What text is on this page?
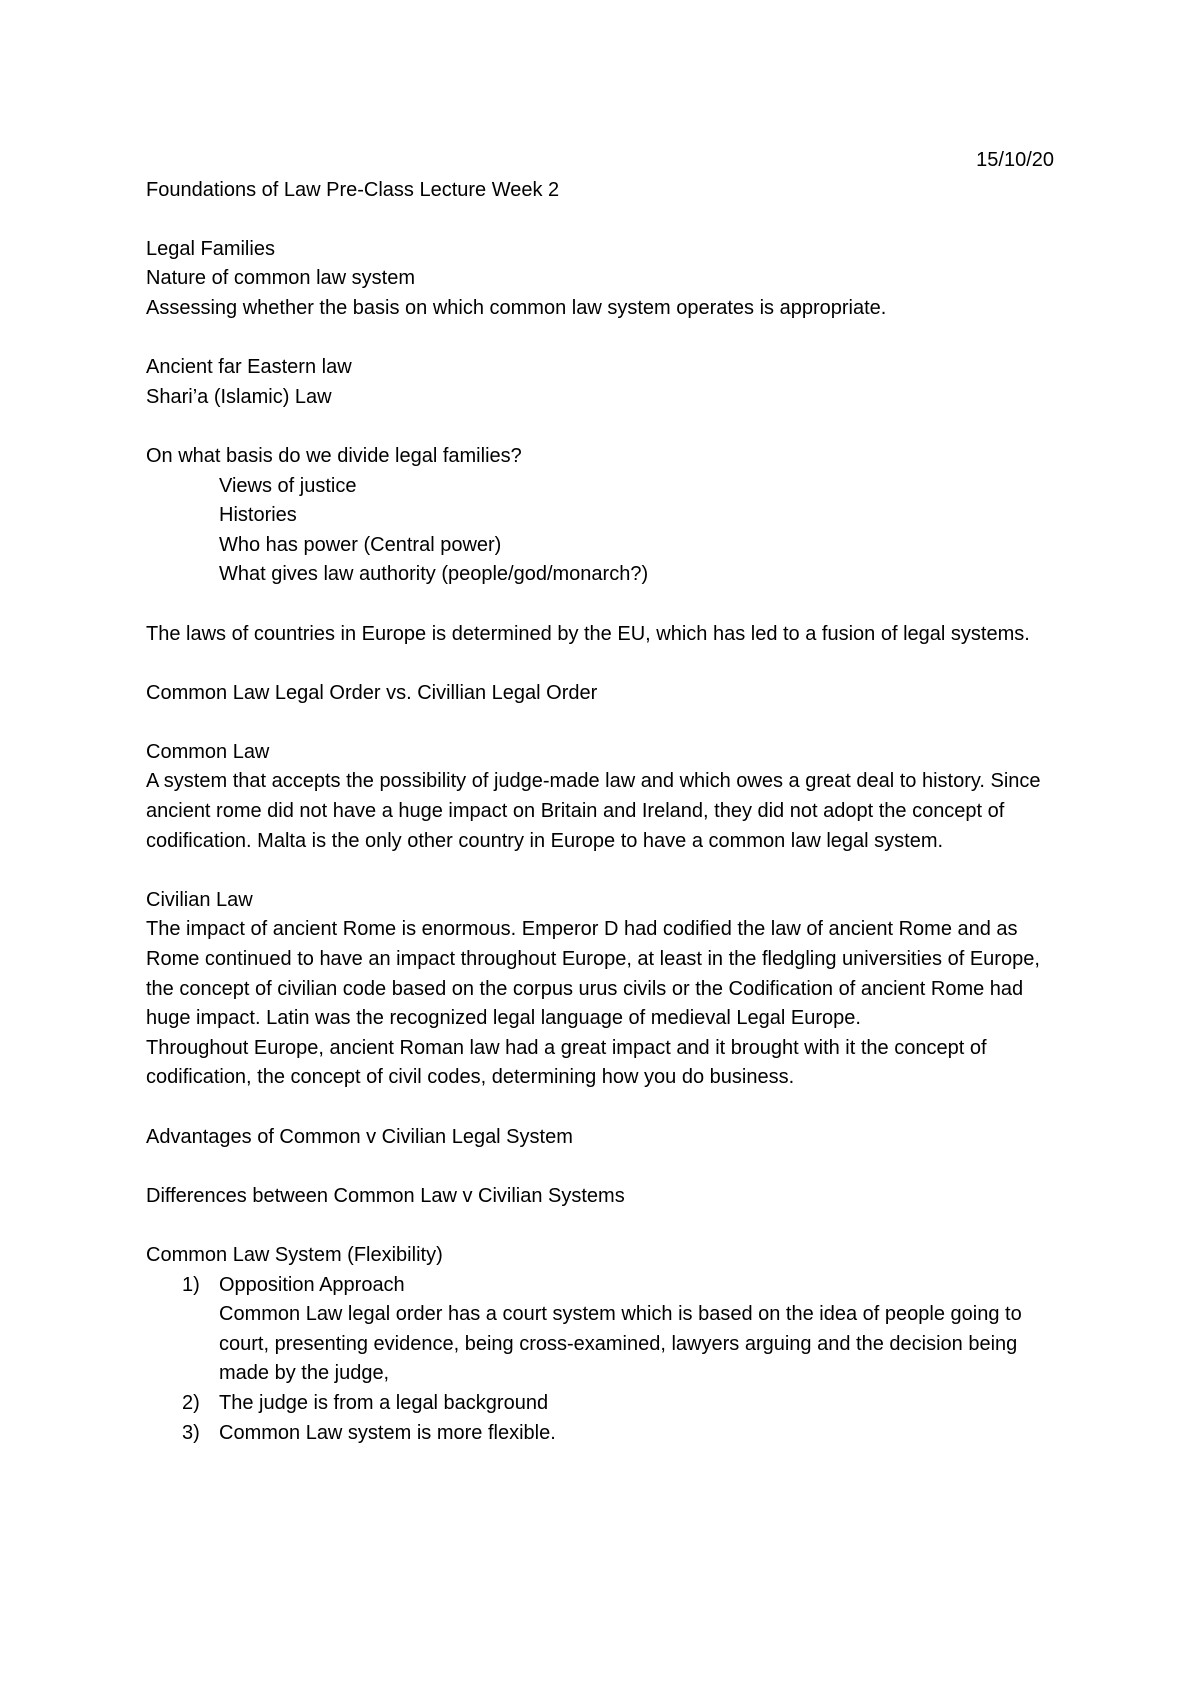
15/10/20

Foundations of Law Pre-Class Lecture Week 2

Legal Families

Nature of common law system

Assessing whether the basis on which common law system operates is appropriate.

Ancient far Eastern law

Shari’a (Islamic) Law

On what basis do we divide legal families?

Views of justice

Histories

Who has power (Central power)

What gives law authority (people/god/monarch?)

The laws of countries in Europe is determined by the EU, which has led to a fusion of legal systems.

Common Law Legal Order vs. Civillian Legal Order

Common Law

A system that accepts the possibility of judge-made law and which owes a great deal to history. Since ancient rome did not have a huge impact on Britain and Ireland, they did not adopt the concept of codification. Malta is the only other country in Europe to have a common law legal system.

Civilian Law

The impact of ancient Rome is enormous. Emperor D had codified the law of ancient Rome and as Rome continued to have an impact throughout Europe, at least in the fledgling universities of Europe, the concept of civilian code based on the corpus urus civils or the Codification of ancient Rome had huge impact. Latin was the recognized legal language of medieval Legal Europe.

Throughout Europe, ancient Roman law had a great impact and it brought with it the concept of codification, the concept of civil codes, determining how you do business.

Advantages of Common v Civilian Legal System

Differences between Common Law v Civilian Systems

Common Law System (Flexibility)

1) Opposition Approach
Common Law legal order has a court system which is based on the idea of people going to court, presenting evidence, being cross-examined, lawyers arguing and the decision being made by the judge,
2) The judge is from a legal background
3) Common Law system is more flexible.
